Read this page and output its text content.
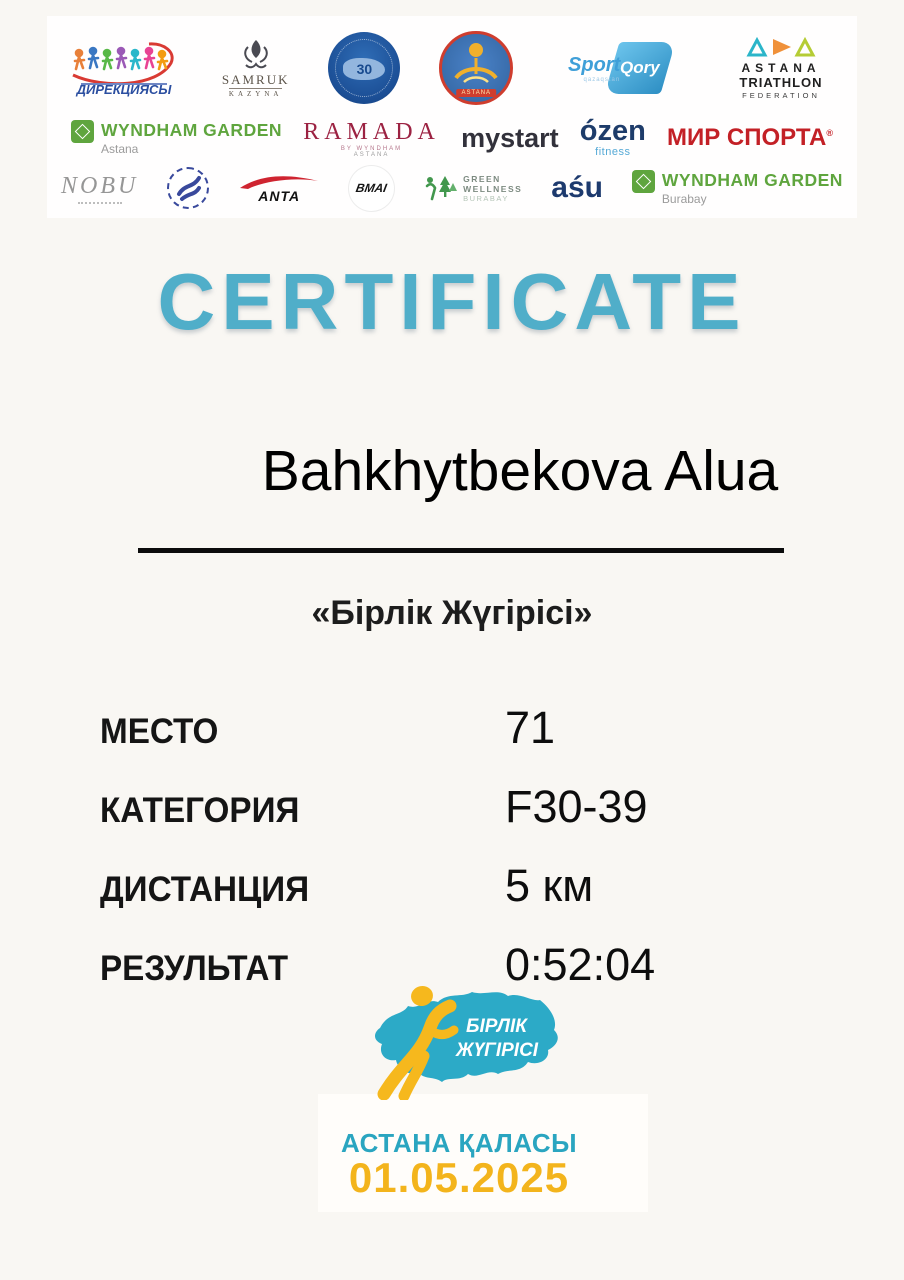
ДИРЕКЦИЯСЫ
SAMRUK
KAZYNA
30
ASTANA
Sport
qazaqstan
Qory	ASTANA
TRIATHLON
FEDERATION
WYNDHAM GARDEN
Astana
RAMADA
BY WYNDHAM
ASTANA
mystart ózen
fitness
МИР СПОРТА®
NOBU	ANTA	BMAI
GREEN
WELLNESS
BURABAY aśu	WYNDHAM GARDEN
Burabay
CERTIFICATE
Bahkhytbekova Alua
«Бірлік Жүгірісі»
МЕСТО	71
КАТЕГОРИЯ	F30-39
ДИСТАНЦИЯ	5 км
РЕЗУЛЬТАТ	0:52:04
БІРЛІК
ЖҮГІРІСІ
АСТАНА ҚАЛАСЫ
01.05.2025
